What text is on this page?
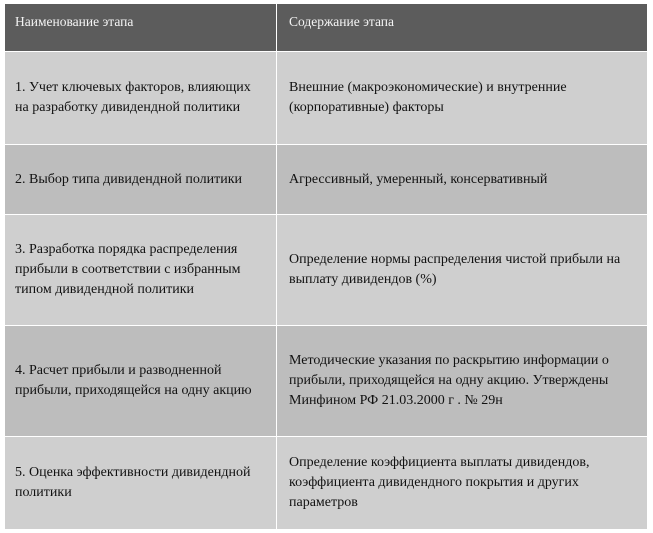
Наименование этапа	Содержание этапа
1. Учет ключевых факторов, влияющих на разработку дивидендной политики	Внешние (макроэкономические) и внутренние (корпоративные) факторы
2. Выбор типа дивидендной политики	Агрессивный, умеренный, консервативный
3. Разработка порядка распределения прибыли в соответствии с избранным типом дивидендной политики	Определение нормы распределения чистой прибыли на выплату дивидендов (%)
4. Расчет прибыли и разводненной прибыли, приходящейся на одну акцию	Методические указания по раскрытию информации о прибыли, приходящейся на одну акцию. Утверждены Минфином РФ 21.03.2000 г . № 29н
5. Оценка эффективности дивидендной политики	Определение коэффициента выплаты дивидендов, коэффициента дивидендного покрытия и других параметров
